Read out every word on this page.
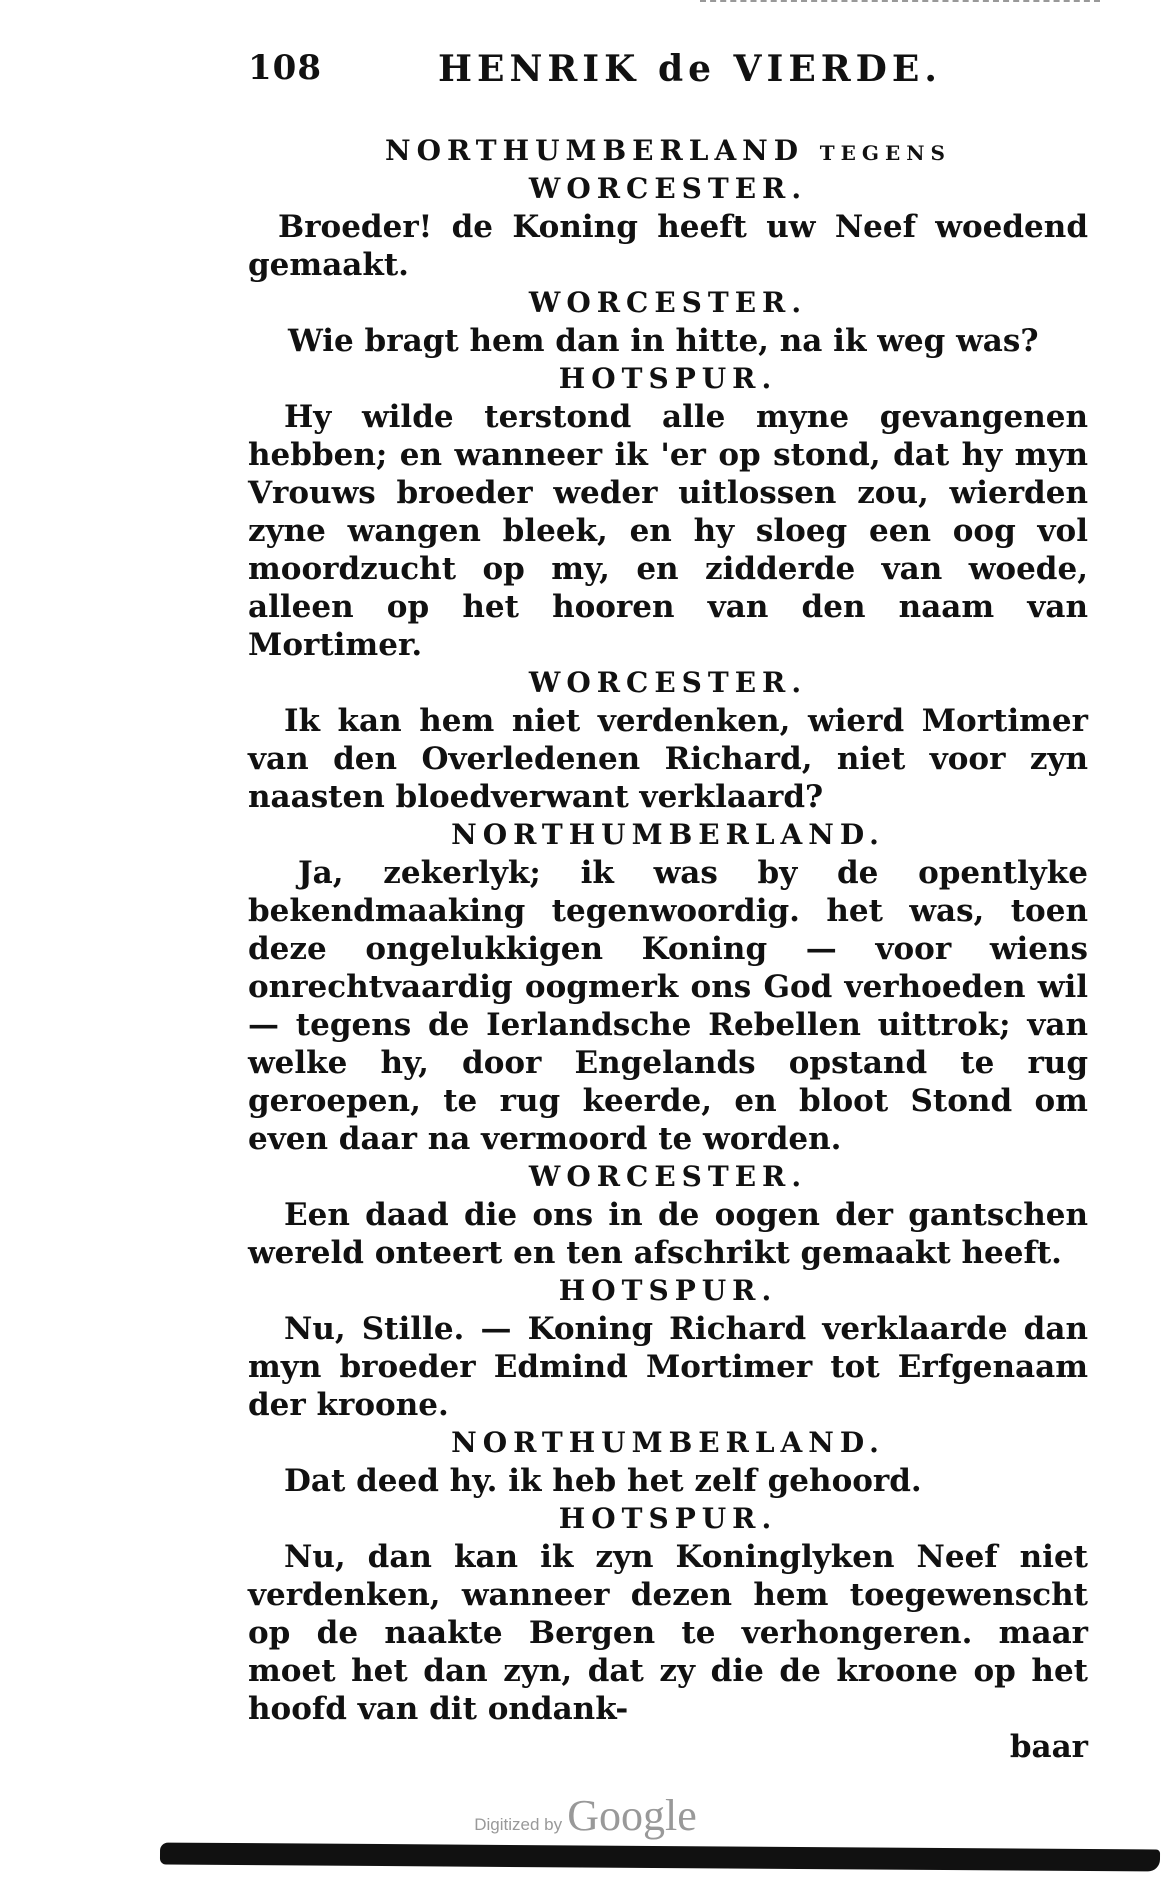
108	HENRIK de VIERDE.

NORTHUMBERLAND tegens WORCESTER.

Broeder! de Koning heeft uw Neef woedend gemaakt.

WORCESTER.

Wie bragt hem dan in hitte, na ik weg was?

HOTSPUR.

Hy wilde terstond alle myne gevangenen hebben; en wanneer ik 'er op stond, dat hy myn Vrouws broeder weder uitlossen zou, wierden zyne wangen bleek, en hy sloeg een oog vol moordzucht op my, en zidderde van woede, alleen op het hooren van den naam van Mortimer.

WORCESTER.

Ik kan hem niet verdenken, wierd Mortimer van den Overledenen Richard, niet voor zyn naasten bloedverwant verklaard?

NORTHUMBERLAND.

Ja, zekerlyk; ik was by de opentlyke bekendmaaking tegenwoordig. het was, toen deze ongelukkigen Koning — voor wiens onrechtvaardig oogmerk ons God verhoeden wil — tegens de Ierlandsche Rebellen uittrok; van welke hy, door Engelands opstand te rug geroepen, te rug keerde, en bloot Stond om even daar na vermoord te worden.

WORCESTER.

Een daad die ons in de oogen der gantschen wereld onteert en ten afschrikt gemaakt heeft.

HOTSPUR.

Nu, Stille. — Koning Richard verklaarde dan myn broeder Edmind Mortimer tot Erfgenaam der kroone.

NORTHUMBERLAND.

Dat deed hy. ik heb het zelf gehoord.

HOTSPUR.

Nu, dan kan ik zyn Koninglyken Neef niet verdenken, wanneer dezen hem toegewenscht op de naakte Bergen te verhongeren. maar moet het dan zyn, dat zy die de kroone op het hoofd van dit ondank-

baar

Digitized by Google
